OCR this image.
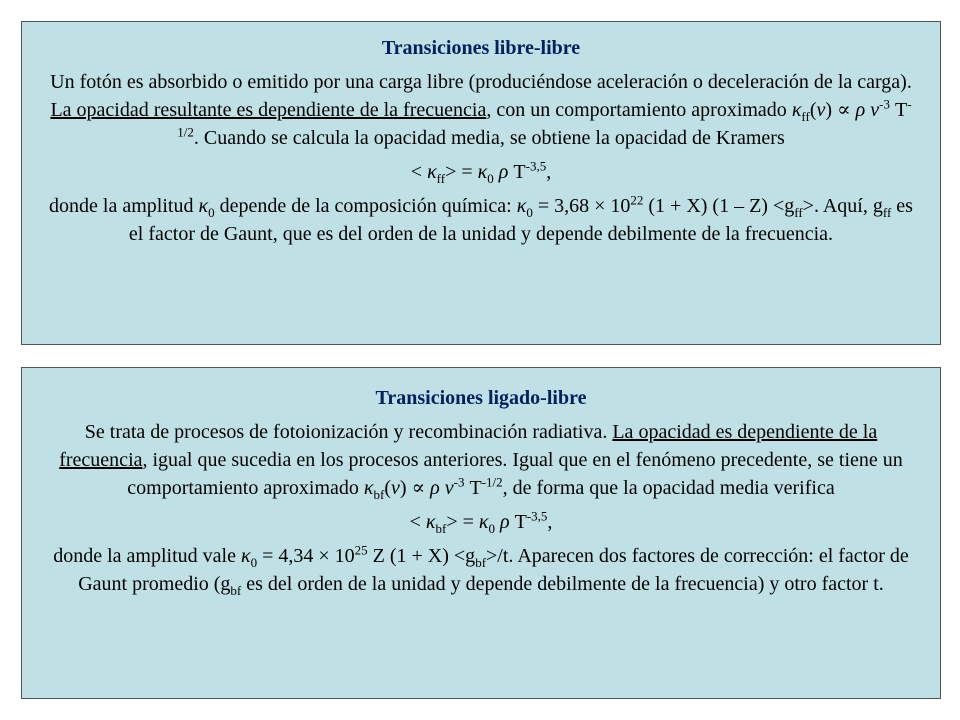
Transiciones libre-libre
Un fotón es absorbido o emitido por una carga libre (produciéndose aceleración o deceleración de la carga). La opacidad resultante es dependiente de la frecuencia, con un comportamiento aproximado $\kappa_{ff}(\nu) \propto \rho$ $\nu^{-3}$ $T^{-1/2}$. Cuando se calcula la opacidad media, se obtiene la opacidad de Kramers
< $\kappa_{ff}> = \kappa_0$ ρ $T^{-3,5}$,
donde la amplitud $\kappa_0$ depende de la composición química: $\kappa_0 = 3,68 \times 10^{22}$ (1 + X) $(1 - Z) <g_{ff}>$. Aquí, $g_{ff}$ es el factor de Gaunt, que es del orden de la unidad y depende debilmente de la frecuencia.
Transiciones ligado-libre
Se trata de procesos de fotoionización y recombinación radiativa. La opacidad es dependiente de la frecuencia, igual que sucedia en los procesos anteriores. Igual que en el fenómeno precedente, se tiene un comportamiento aproximado $\kappa_{bf}(\nu) \propto \rho$ $\nu^{-3}$ $T^{-1/2}$, de forma que la opacidad media verifica
< $\kappa_{bf}> = \kappa_0$ ρ $T^{-3,5}$,
donde la amplitud vale $\kappa_0 = 4,34 \times 10^{25}$ Z $(1 + X) <g_{bf}>/t$. Aparecen dos factores de corrección: el factor de Gaunt promedio ($g_{bf}$ es del orden de la unidad y depende debilmente de la frecuencia) y otro factor t.
